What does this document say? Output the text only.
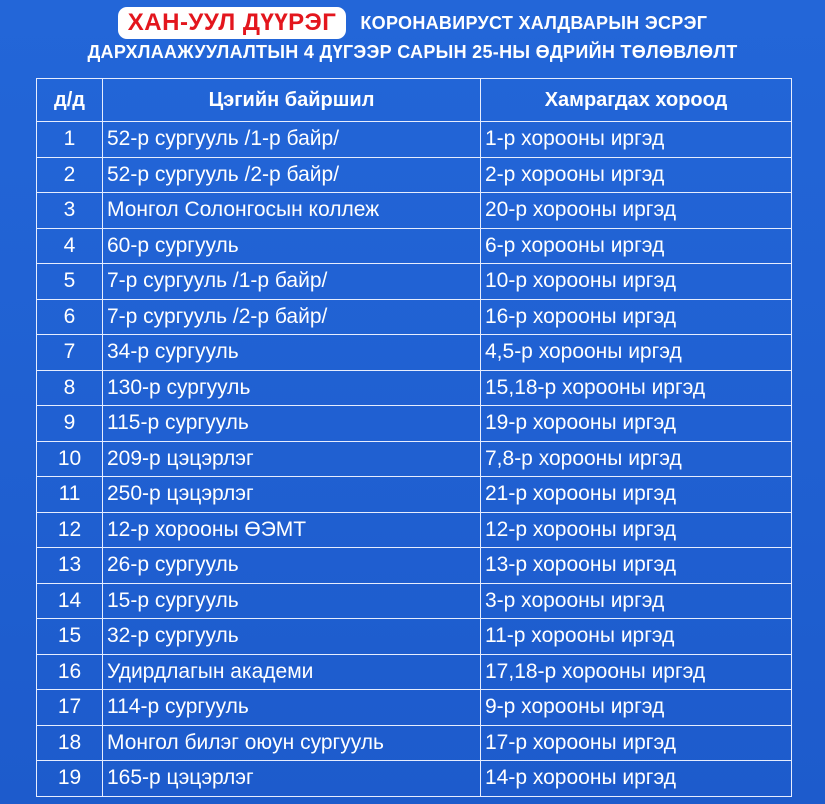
ХАН-УУЛ ДҮҮРЭГ	КОРОНАВИРУСТ ХАЛДВАРЫН ЭСРЭГ
ДАРХЛААЖУУЛАЛТЫН 4 ДҮГЭЭР САРЫН 25-НЫ ӨДРИЙН ТӨЛӨВЛӨЛТ
д/д	Цэгийн байршил	Хамрагдах хороод
1	52-р сургууль /1-р байр/	1-р хорооны иргэд
2	52-р сургууль /2-р байр/	2-р хорооны иргэд
3	Монгол Солонгосын коллеж	20-р хорооны иргэд
4	60-р сургууль	6-р хорооны иргэд
5	7-р сургууль /1-р байр/	10-р хорооны иргэд
6	7-р сургууль /2-р байр/	16-р хорооны иргэд
7	34-р сургууль	4,5-р хорооны иргэд
8	130-р сургууль	15,18-р хорооны иргэд
9	115-р сургууль	19-р хорооны иргэд
10	209-р цэцэрлэг	7,8-р хорооны иргэд
11	250-р цэцэрлэг	21-р хорооны иргэд
12	12-р хорооны ӨЭМТ	12-р хорооны иргэд
13	26-р сургууль	13-р хорооны иргэд
14	15-р сургууль	3-р хорооны иргэд
15	32-р сургууль	11-р хорооны иргэд
16	Удирдлагын академи	17,18-р хорооны иргэд
17	114-р сургууль	9-р хорооны иргэд
18	Монгол билэг оюун сургууль	17-р хорооны иргэд
19	165-р цэцэрлэг	14-р хорооны иргэд
